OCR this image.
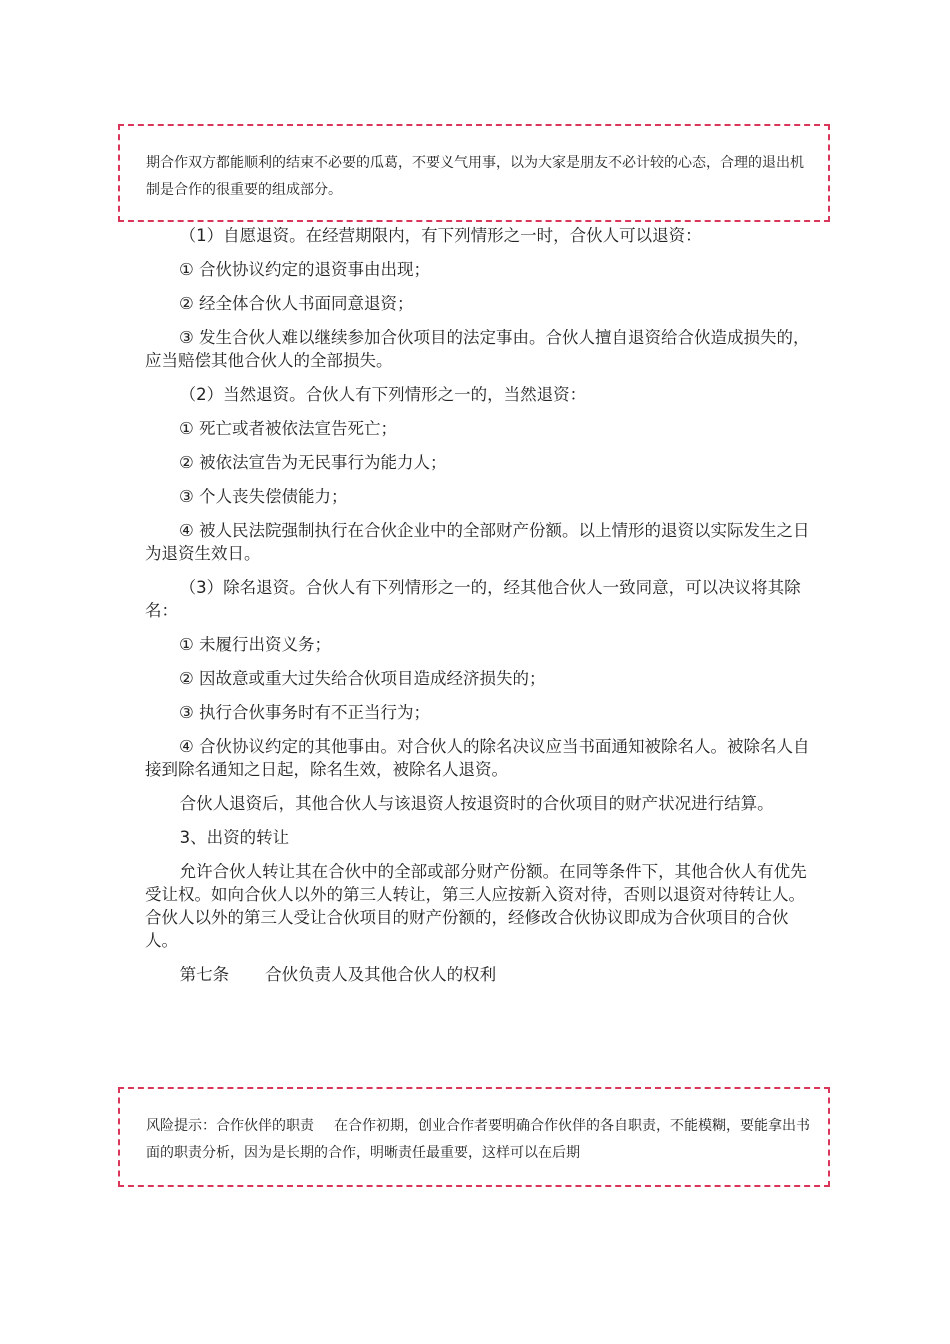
期合作双方都能顺利的结束不必要的瓜葛，不要义气用事，以为大家是朋友不必计较的心态，合理的退出机制是合作的很重要的组成部分。

（1）自愿退资。在经营期限内，有下列情形之一时，合伙人可以退资：

① 合伙协议约定的退资事由出现；

② 经全体合伙人书面同意退资；

③ 发生合伙人难以继续参加合伙项目的法定事由。合伙人擅自退资给合伙造成损失的，应当赔偿其他合伙人的全部损失。

（2）当然退资。合伙人有下列情形之一的，当然退资：

① 死亡或者被依法宣告死亡；

② 被依法宣告为无民事行为能力人；

③ 个人丧失偿债能力；

④ 被人民法院强制执行在合伙企业中的全部财产份额。以上情形的退资以实际发生之日为退资生效日。

（3）除名退资。合伙人有下列情形之一的，经其他合伙人一致同意，可以决议将其除名：

① 未履行出资义务；

② 因故意或重大过失给合伙项目造成经济损失的；

③ 执行合伙事务时有不正当行为；

④ 合伙协议约定的其他事由。对合伙人的除名决议应当书面通知被除名人。被除名人自接到除名通知之日起，除名生效，被除名人退资。

合伙人退资后，其他合伙人与该退资人按退资时的合伙项目的财产状况进行结算。

3、出资的转让

允许合伙人转让其在合伙中的全部或部分财产份额。在同等条件下，其他合伙人有优先受让权。如向合伙人以外的第三人转让，第三人应按新入资对待，否则以退资对待转让人。合伙人以外的第三人受让合伙项目的财产份额的，经修改合伙协议即成为合伙项目的合伙人。

第七条 合伙负责人及其他合伙人的权利

风险提示：合作伙伴的职责 在合作初期，创业合作者要明确合作伙伴的各自职责，不能模糊，要能拿出书面的职责分析，因为是长期的合作，明晰责任最重要，这样可以在后期
